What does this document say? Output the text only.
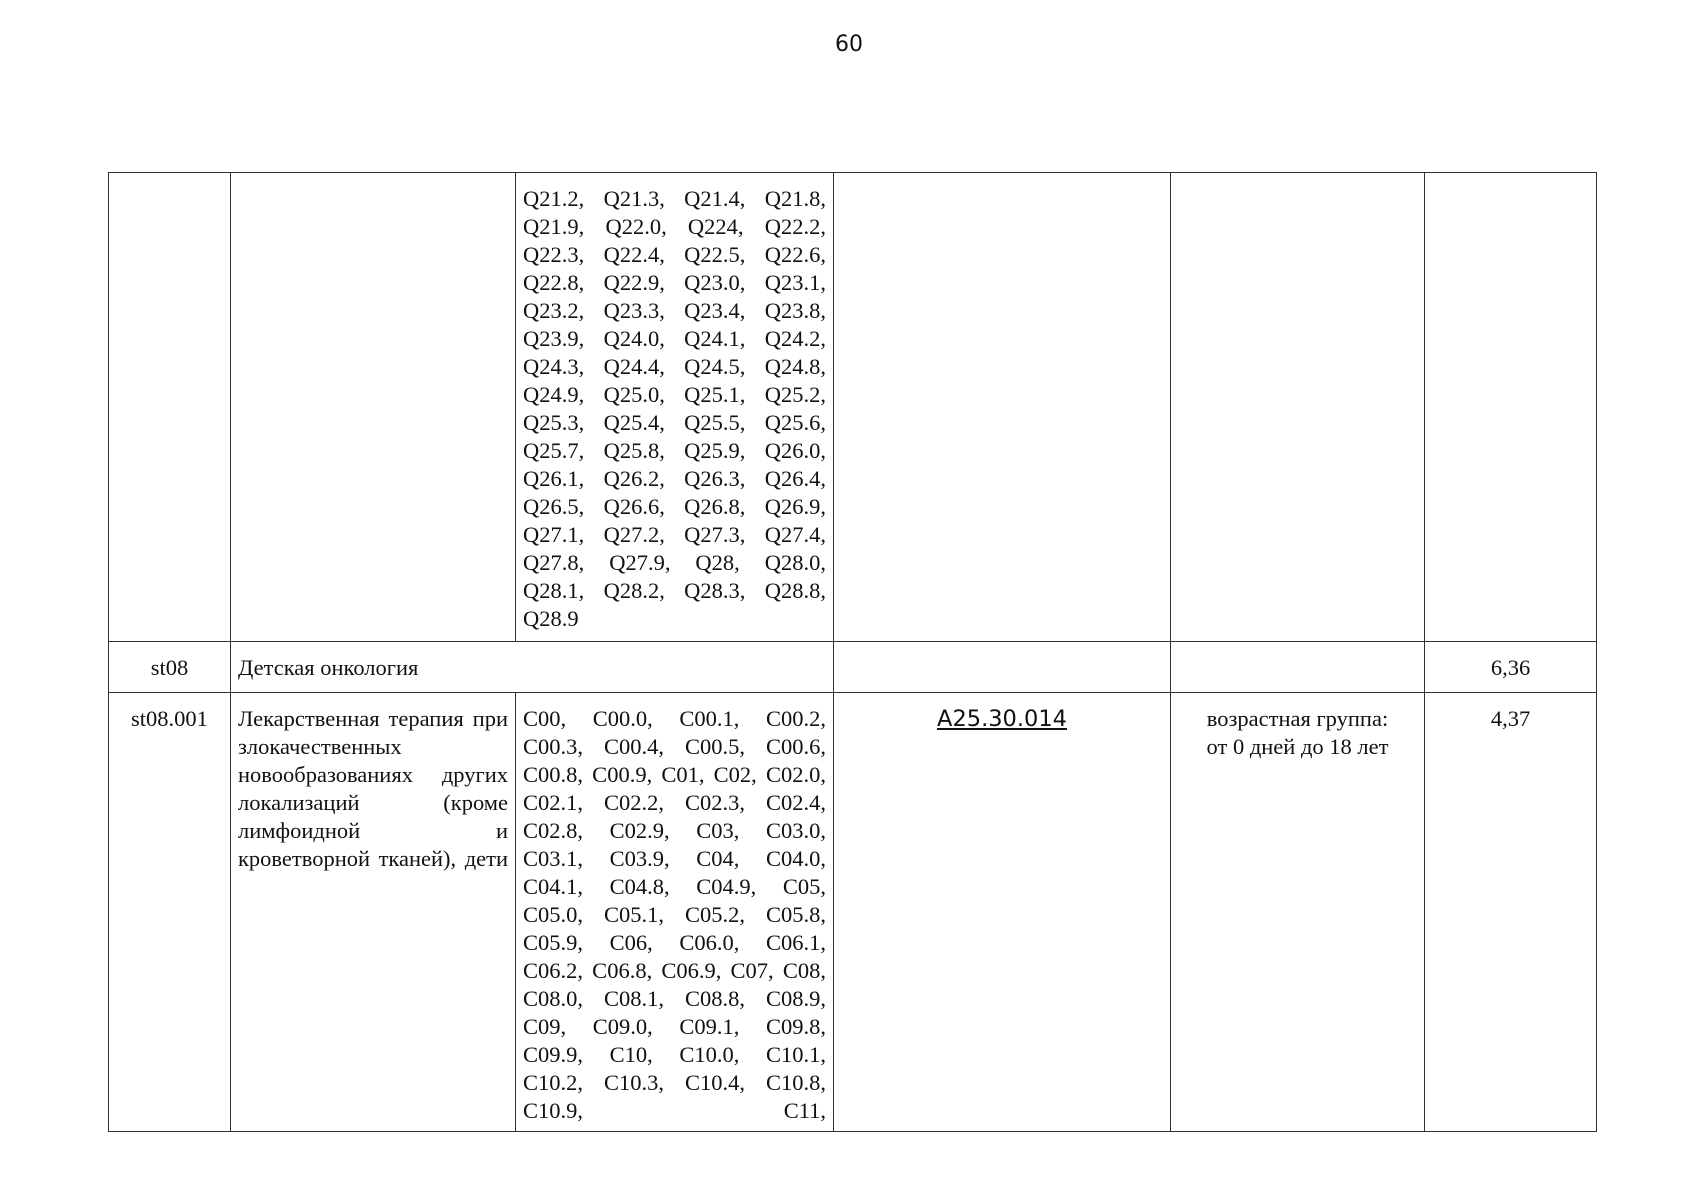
60
		Q21.2, Q21.3, Q21.4, Q21.8, Q21.9, Q22.0, Q224, Q22.2, Q22.3, Q22.4, Q22.5, Q22.6, Q22.8, Q22.9, Q23.0, Q23.1, Q23.2, Q23.3, Q23.4, Q23.8, Q23.9, Q24.0, Q24.1, Q24.2, Q24.3, Q24.4, Q24.5, Q24.8, Q24.9, Q25.0, Q25.1, Q25.2, Q25.3, Q25.4, Q25.5, Q25.6, Q25.7, Q25.8, Q25.9, Q26.0, Q26.1, Q26.2, Q26.3, Q26.4, Q26.5, Q26.6, Q26.8, Q26.9, Q27.1, Q27.2, Q27.3, Q27.4, Q27.8, Q27.9, Q28, Q28.0, Q28.1, Q28.2, Q28.3, Q28.8, Q28.9			
st08	Детская онкология				6,36
st08.001	Лекарственная терапия при злокачественных новообразованиях других локализаций (кроме лимфоидной и кроветворной тканей), дети	C00, C00.0, C00.1, C00.2, C00.3, C00.4, C00.5, C00.6, C00.8, C00.9, C01, C02, C02.0, C02.1, C02.2, C02.3, C02.4, C02.8, C02.9, C03, C03.0, C03.1, C03.9, C04, C04.0, C04.1, C04.8, C04.9, C05, C05.0, C05.1, C05.2, C05.8, C05.9, C06, C06.0, C06.1, C06.2, C06.8, C06.9, C07, C08, C08.0, C08.1, C08.8, C08.9, C09, C09.0, C09.1, C09.8, C09.9, C10, C10.0, C10.1, C10.2, C10.3, C10.4, C10.8, C10.9, C11,	A25.30.014	возрастная группа:
от 0 дней до 18 лет	4,37
